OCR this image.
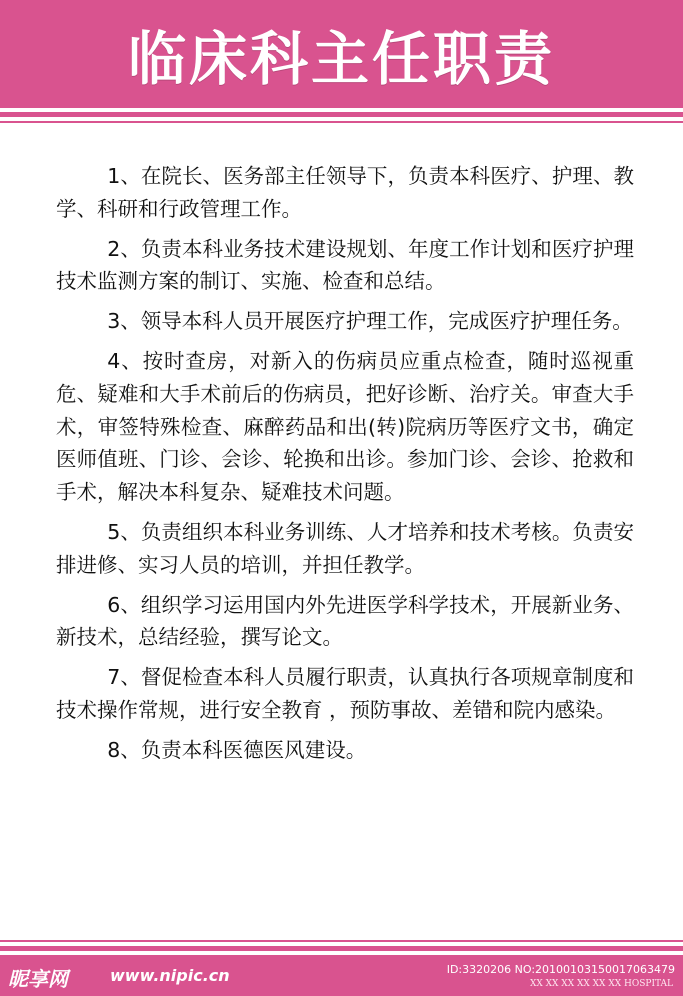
临床科主任职责

1、在院长、医务部主任领导下，负责本科医疗、护理、教学、科研和行政管理工作。

2、负责本科业务技术建设规划、年度工作计划和医疗护理技术监测方案的制订、实施、检查和总结。

3、领导本科人员开展医疗护理工作，完成医疗护理任务。

4、按时查房，对新入的伤病员应重点检查，随时巡视重危、疑难和大手术前后的伤病员，把好诊断、治疗关。审查大手术，审签特殊检查、麻醉药品和出(转)院病历等医疗文书，确定医师值班、门诊、会诊、轮换和出诊。参加门诊、会诊、抢救和手术，解决本科复杂、疑难技术问题。

5、负责组织本科业务训练、人才培养和技术考核。负责安排进修、实习人员的培训，并担任教学。

6、组织学习运用国内外先进医学科学技术，开展新业务、新技术，总结经验，撰写论文。

7、督促检查本科人员履行职责，认真执行各项规章制度和技术操作常规，进行安全教育 ，预防事故、差错和院内感染。

8、负责本科医德医风建设。

昵享网	www.nipic.cn	ID:3320206 NO:20100103150017063479
XX XX XX XX XX XX HOSPITAL
